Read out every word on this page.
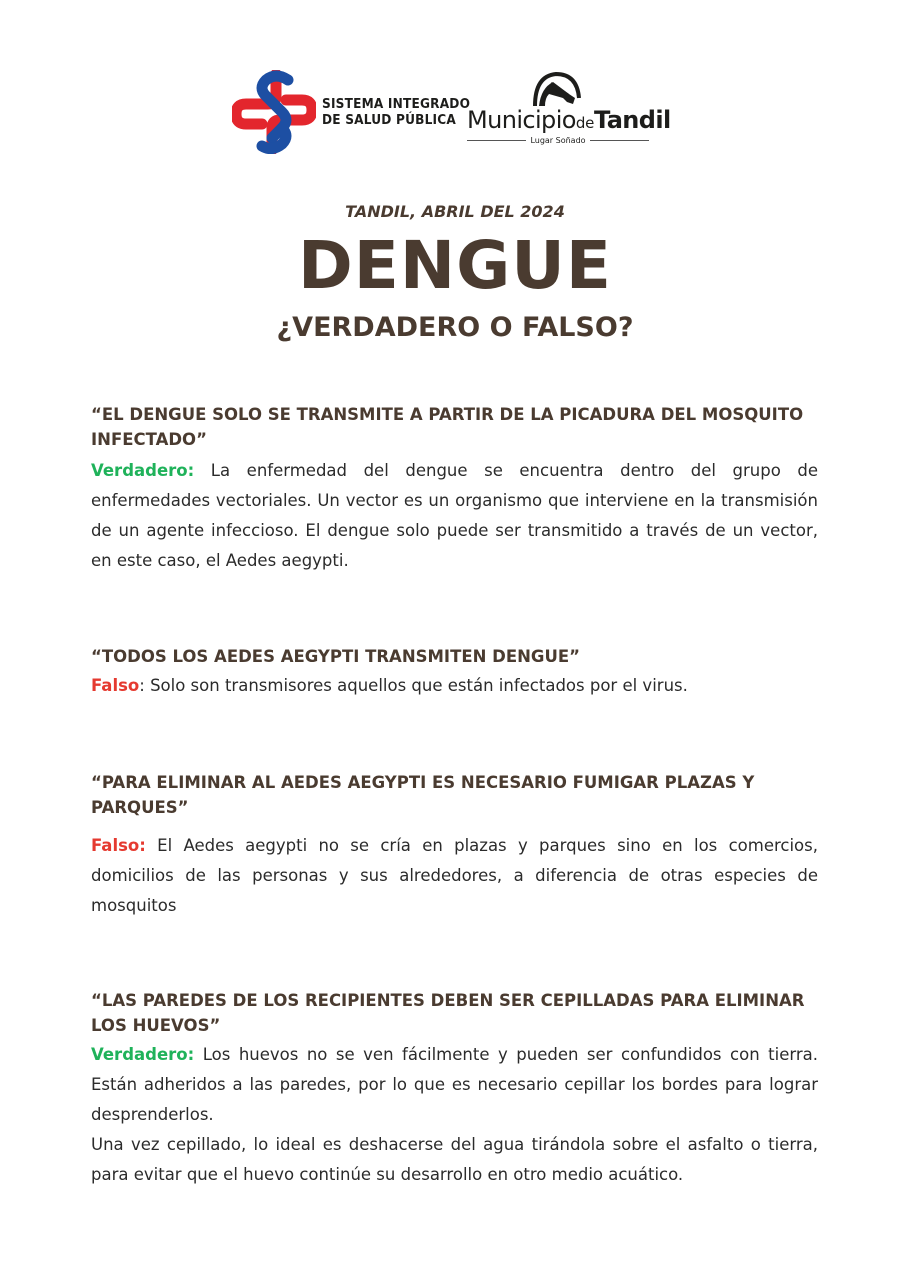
SISTEMA INTEGRADO
DE SALUD PÚBLICA MunicipiodeTandil
Lugar Soñado
TANDIL, ABRIL DEL 2024
DENGUE
¿VERDADERO O FALSO?

“EL DENGUE SOLO SE TRANSMITE A PARTIR DE LA PICADURA DEL MOSQUITO INFECTADO”

Verdadero: La enfermedad del dengue se encuentra dentro del grupo de enfermedades vectoriales. Un vector es un organismo que interviene en la transmisión de un agente infeccioso. El dengue solo puede ser transmitido a través de un vector, en este caso, el Aedes aegypti.

“TODOS LOS AEDES AEGYPTI TRANSMITEN DENGUE”

Falso: Solo son transmisores aquellos que están infectados por el virus.

“PARA ELIMINAR AL AEDES AEGYPTI ES NECESARIO FUMIGAR PLAZAS Y PARQUES”

Falso: El Aedes aegypti no se cría en plazas y parques sino en los comercios, domicilios de las personas y sus alrededores, a diferencia de otras especies de mosquitos

“LAS PAREDES DE LOS RECIPIENTES DEBEN SER CEPILLADAS PARA ELIMINAR LOS HUEVOS”

Verdadero: Los huevos no se ven fácilmente y pueden ser confundidos con tierra. Están adheridos a las paredes, por lo que es necesario cepillar los bordes para lograr desprenderlos.

Una vez cepillado, lo ideal es deshacerse del agua tirándola sobre el asfalto o tierra, para evitar que el huevo continúe su desarrollo en otro medio acuático.
